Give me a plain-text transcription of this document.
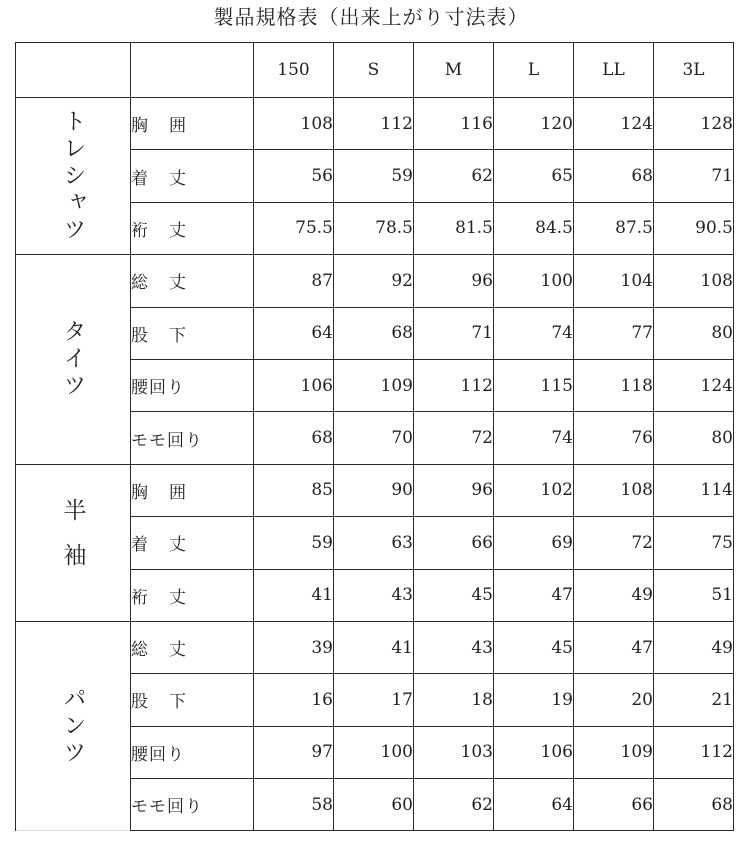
製品規格表（出来上がり寸法表）
		150	S	M	L	LL	3L
トレシャツ	胸囲	108	112	116	120	124	128
	着丈	56	59	62	65	68	71
	裄丈	75.5	78.5	81.5	84.5	87.5	90.5
タイツ	総丈	87	92	96	100	104	108
	股下	64	68	71	74	77	80
	腰回り	106	109	112	115	118	124
	モモ回り	68	70	72	74	76	80
半袖	胸囲	85	90	96	102	108	114
	着丈	59	63	66	69	72	75
	裄丈	41	43	45	47	49	51
パンツ	総丈	39	41	43	45	47	49
	股下	16	17	18	19	20	21
	腰回り	97	100	103	106	109	112
	モモ回り	58	60	62	64	66	68
